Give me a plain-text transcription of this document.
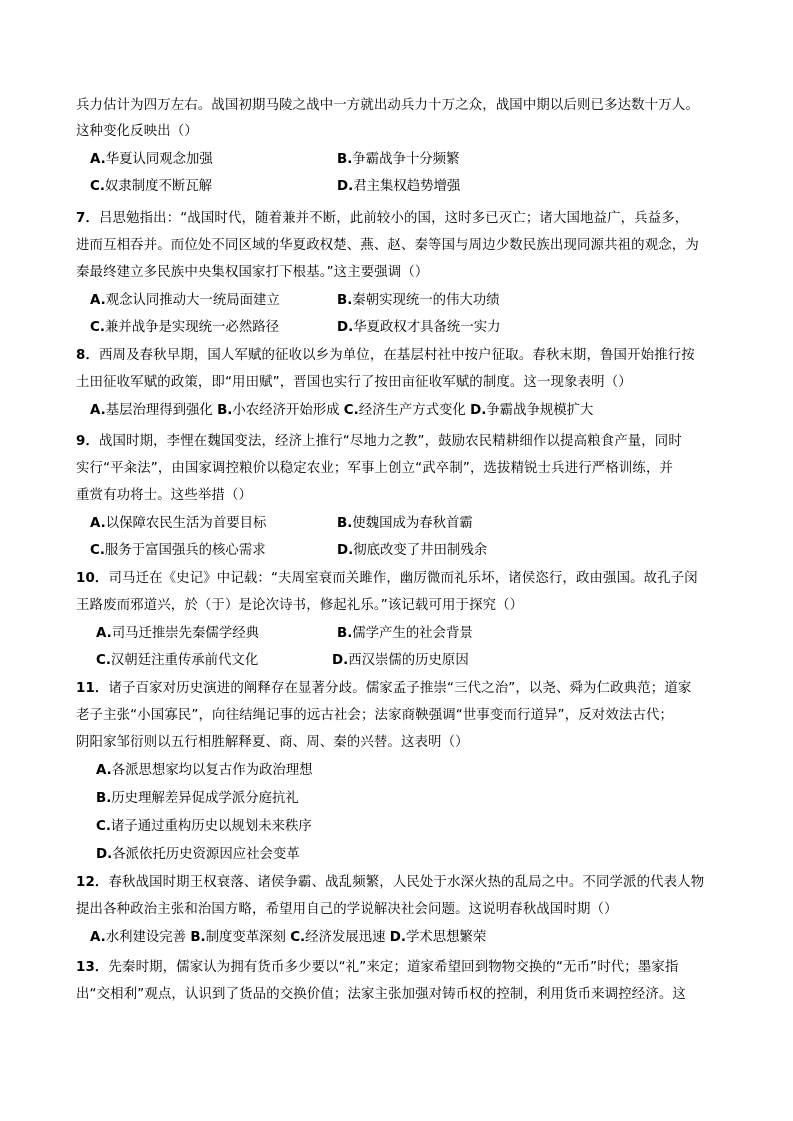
兵力估计为四万左右。战国初期马陵之战中一方就出动兵力十万之众，战国中期以后则已多达数十万人。
这种变化反映出（）
A.华夏认同观念加强	B.争霸战争十分频繁
C.奴隶制度不断瓦解	D.君主集权趋势增强
7．吕思勉指出：“战国时代，随着兼并不断，此前较小的国，这时多已灭亡；诸大国地益广，兵益多，
进而互相吞并。而位处不同区域的华夏政权楚、燕、赵、秦等国与周边少数民族出现同源共祖的观念，为
秦最终建立多民族中央集权国家打下根基。”这主要强调（）
A.观念认同推动大一统局面建立	B.秦朝实现统一的伟大功绩
C.兼并战争是实现统一必然路径	D.华夏政权才具备统一实力
8．西周及春秋早期，国人军赋的征收以乡为单位，在基层村社中按户征取。春秋末期，鲁国开始推行按
土田征收军赋的政策，即“用田赋”，晋国也实行了按田亩征收军赋的制度。这一现象表明（）
A.基层治理得到强化 B.小农经济开始形成 C.经济生产方式变化 D.争霸战争规模扩大
9．战国时期，李悝在魏国变法，经济上推行“尽地力之教”，鼓励农民精耕细作以提高粮食产量，同时
实行“平籴法”，由国家调控粮价以稳定农业；军事上创立“武卒制”，选拔精锐士兵进行严格训练，并
重赏有功将士。这些举措（）
A.以保障农民生活为首要目标	B.使魏国成为春秋首霸
C.服务于富国强兵的核心需求	D.彻底改变了井田制残余
10．司马迁在《史记》中记载：“夫周室衰而关雎作，幽厉微而礼乐坏，诸侯恣行，政由强国。故孔子闵
王路废而邪道兴，於（于）是论次诗书，修起礼乐。”该记载可用于探究（）
A.司马迁推崇先秦儒学经典	B.儒学产生的社会背景
C.汉朝廷注重传承前代文化	D.西汉崇儒的历史原因
11．诸子百家对历史演进的阐释存在显著分歧。儒家孟子推崇“三代之治”，以尧、舜为仁政典范；道家
老子主张“小国寡民”，向往结绳记事的远古社会；法家商鞅强调“世事变而行道异”，反对效法古代；
阴阳家邹衍则以五行相胜解释夏、商、周、秦的兴替。这表明（）
A.各派思想家均以复古作为政治理想
B.历史理解差异促成学派分庭抗礼
C.诸子通过重构历史以规划未来秩序
D.各派依托历史资源因应社会变革
12．春秋战国时期王权衰落、诸侯争霸、战乱频繁，人民处于水深火热的乱局之中。不同学派的代表人物
提出各种政治主张和治国方略，希望用自己的学说解决社会问题。这说明春秋战国时期（）
A.水利建设完善 B.制度变革深刻 C.经济发展迅速 D.学术思想繁荣
13．先秦时期，儒家认为拥有货币多少要以“礼”来定；道家希望回到物物交换的“无币”时代；墨家指
出“交相利”观点，认识到了货品的交换价值；法家主张加强对铸币权的控制，利用货币来调控经济。这
